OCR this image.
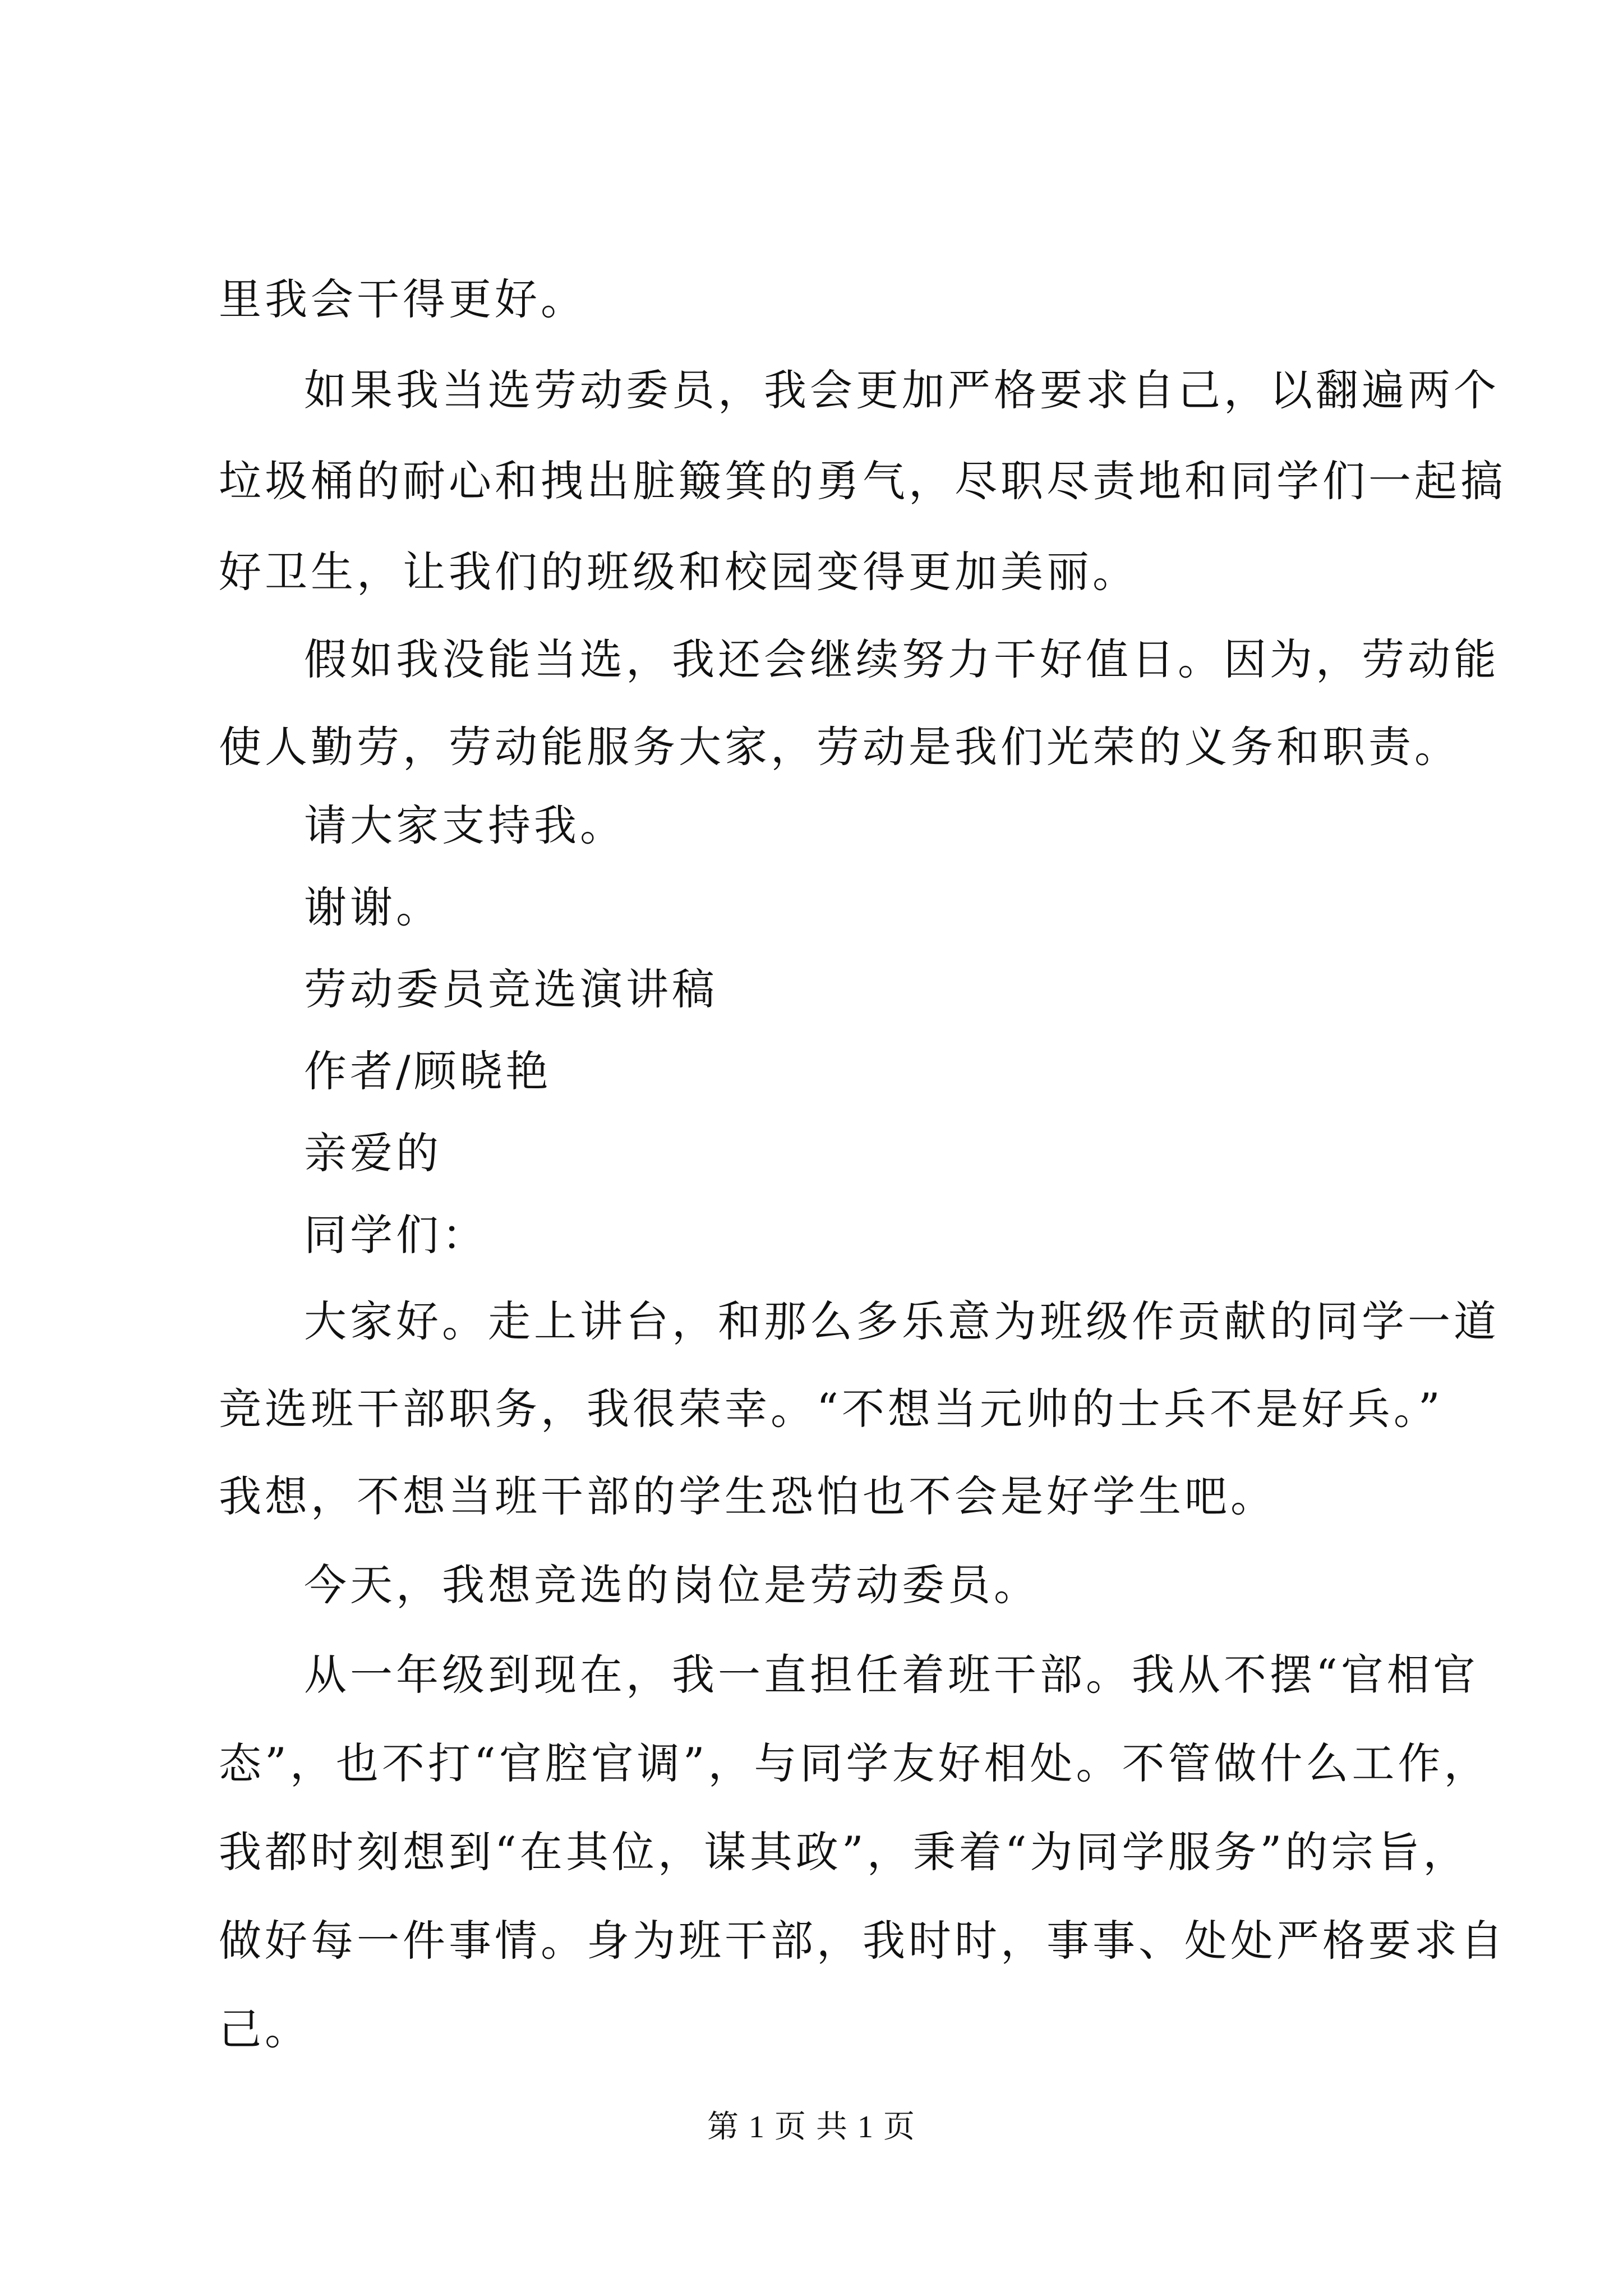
里我会干得更好。
如果我当选劳动委员，我会更加严格要求自己，以翻遍两个
垃圾桶的耐心和拽出脏簸箕的勇气，尽职尽责地和同学们一起搞
好卫生，让我们的班级和校园变得更加美丽。
假如我没能当选，我还会继续努力干好值日。因为，劳动能
使人勤劳，劳动能服务大家，劳动是我们光荣的义务和职责。
请大家支持我。
谢谢。
劳动委员竞选演讲稿
作者/顾晓艳
亲爱的
同学们：
大家好。走上讲台，和那么多乐意为班级作贡献的同学一道
竞选班干部职务，我很荣幸。“不想当元帅的士兵不是好兵。”
我想，不想当班干部的学生恐怕也不会是好学生吧。
今天，我想竞选的岗位是劳动委员。
从一年级到现在，我一直担任着班干部。我从不摆“官相官
态”，也不打“官腔官调”，与同学友好相处。不管做什么工作，
我都时刻想到“在其位，谋其政”，秉着“为同学服务”的宗旨，
做好每一件事情。身为班干部，我时时，事事、处处严格要求自
己。
第 1 页 共 1 页
